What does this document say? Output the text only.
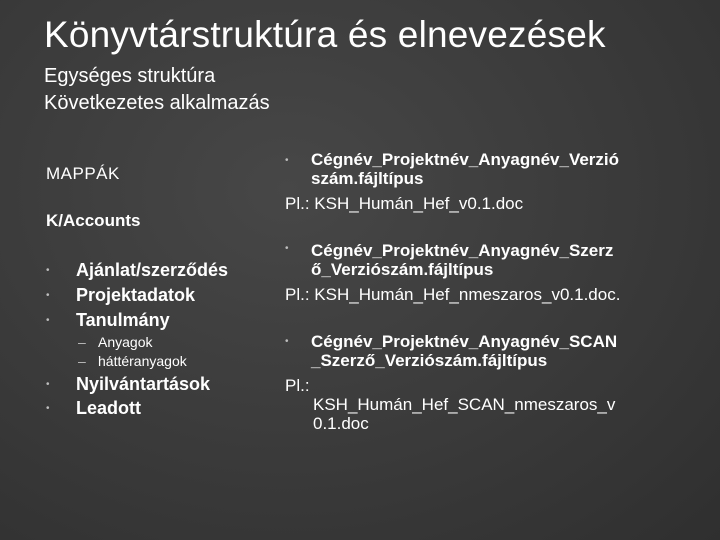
Könyvtárstruktúra és elnevezések
Egységes struktúra
Következetes alkalmazás
MAPPÁK
K/Accounts
• Ajánlat/szerződés
• Projektadatok
• Tanulmány
– Anyagok
– háttéranyagok
• Nyilvántartások
• Leadott
• Cégnév_Projektnév_Anyagnév_Verzió
szám.fájltípus
Pl.: KSH_Humán_Hef_v0.1.doc
• Cégnév_Projektnév_Anyagnév_Szerz
ő_Verziószám.fájltípus
Pl.: KSH_Humán_Hef_nmeszaros_v0.1.doc.
• Cégnév_Projektnév_Anyagnév_SCAN
_Szerző_Verziószám.fájltípus
Pl.:
KSH_Humán_Hef_SCAN_nmeszaros_v
0.1.doc
